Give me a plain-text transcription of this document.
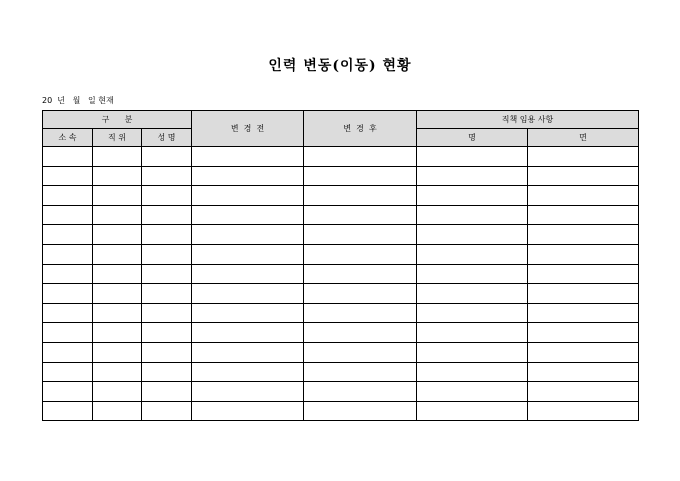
인력 변동(이동) 현황
20  년   월   일 현재
구      분			변  경  전	변  경  후	직책 임용 사항	
소 속	직 위	성 명			명	면
